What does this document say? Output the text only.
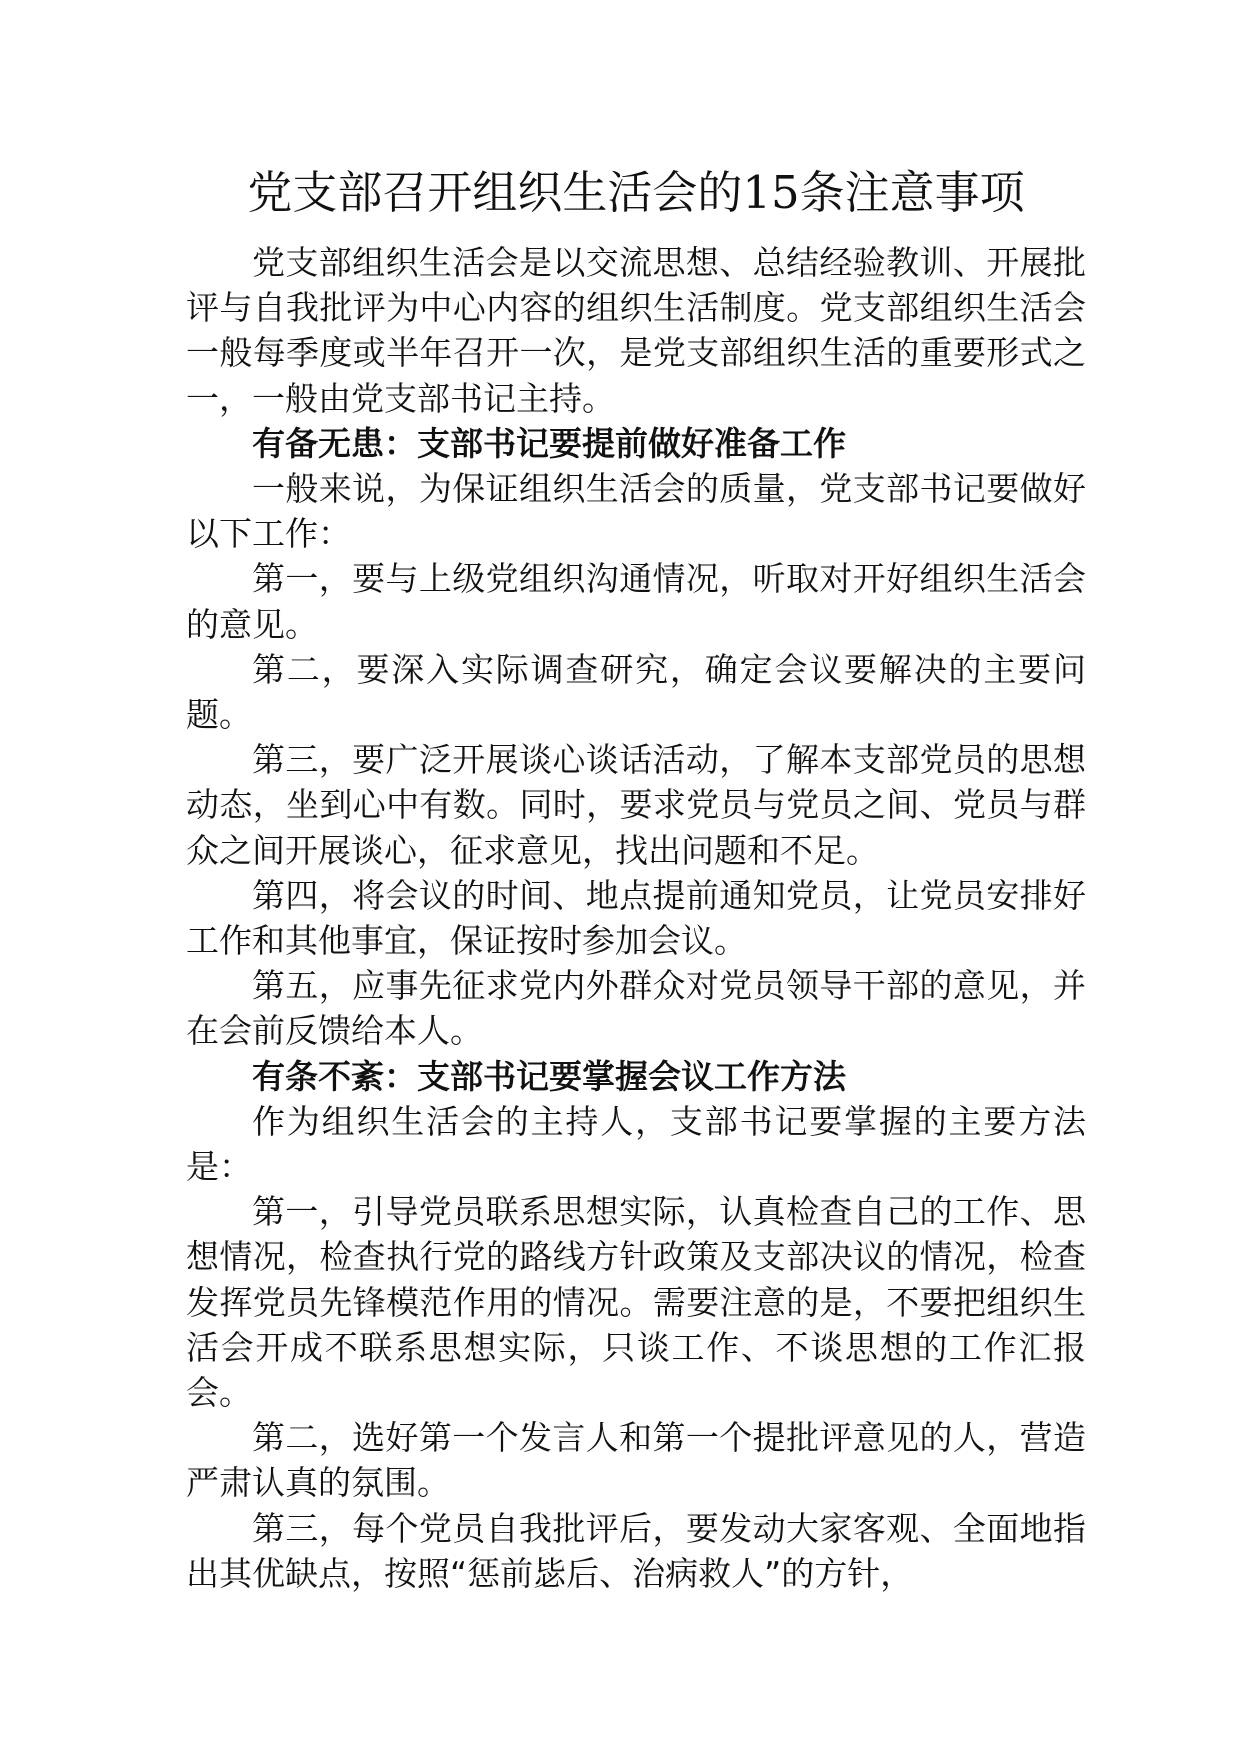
党支部召开组织生活会的15条注意事项

党支部组织生活会是以交流思想、总结经验教训、开展批评与自我批评为中心内容的组织生活制度。党支部组织生活会一般每季度或半年召开一次，是党支部组织生活的重要形式之一，一般由党支部书记主持。

有备无患：支部书记要提前做好准备工作

一般来说，为保证组织生活会的质量，党支部书记要做好以下工作：

第一，要与上级党组织沟通情况，听取对开好组织生活会的意见。

第二，要深入实际调查研究，确定会议要解决的主要问题。

第三，要广泛开展谈心谈话活动，了解本支部党员的思想动态，坐到心中有数。同时，要求党员与党员之间、党员与群众之间开展谈心，征求意见，找出问题和不足。

第四，将会议的时间、地点提前通知党员，让党员安排好工作和其他事宜，保证按时参加会议。

第五，应事先征求党内外群众对党员领导干部的意见，并在会前反馈给本人。

有条不紊：支部书记要掌握会议工作方法

作为组织生活会的主持人，支部书记要掌握的主要方法是：

第一，引导党员联系思想实际，认真检查自己的工作、思想情况，检查执行党的路线方针政策及支部决议的情况，检查发挥党员先锋模范作用的情况。需要注意的是，不要把组织生活会开成不联系思想实际，只谈工作、不谈思想的工作汇报会。

第二，选好第一个发言人和第一个提批评意见的人，营造严肃认真的氛围。

第三，每个党员自我批评后，要发动大家客观、全面地指出其优缺点，按照“惩前毖后、治病救人”的方针，
